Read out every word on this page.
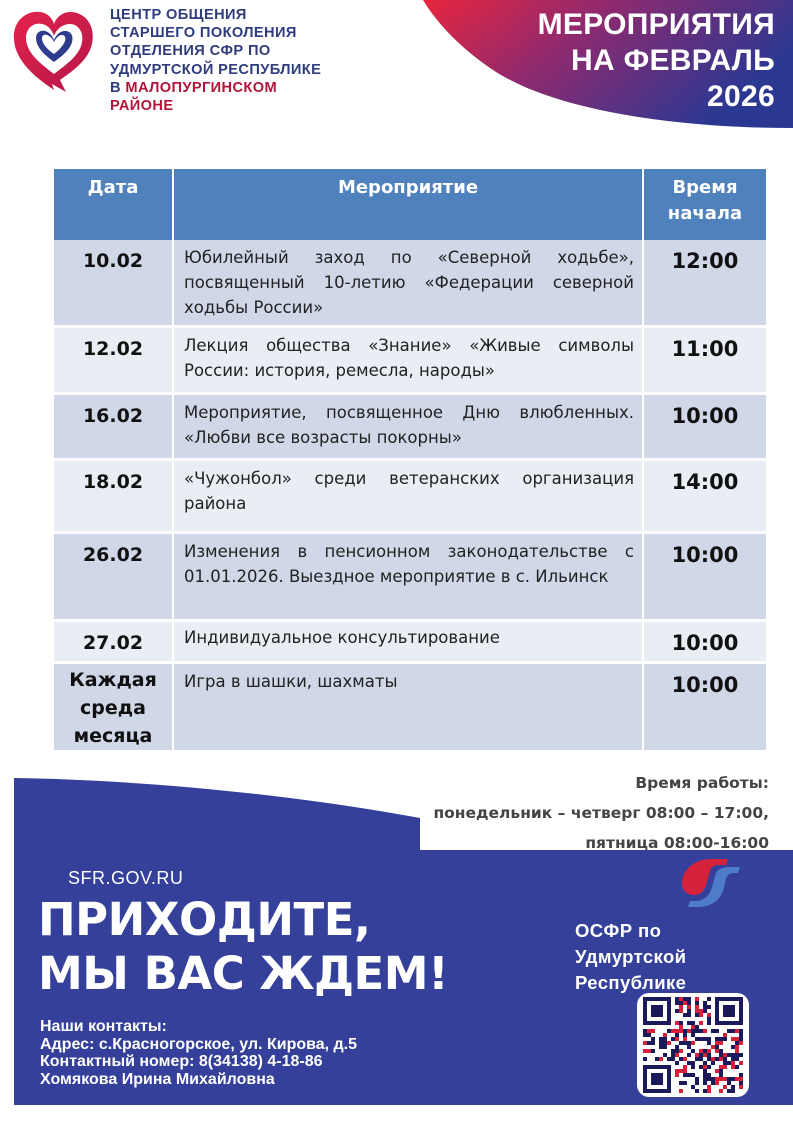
ЦЕНТР ОБЩЕНИЯ
СТАРШЕГО ПОКОЛЕНИЯ
ОТДЕЛЕНИЯ СФР ПО
УДМУРТСКОЙ РЕСПУБЛИКЕ
В МАЛОПУРГИНСКОМ
РАЙОНЕ
МЕРОПРИЯТИЯ
НА ФЕВРАЛЬ
2026
Дата	Мероприятие	Время начала
10.02	Юбилейный заход по «Северной ходьбе», посвященный 10-летию «Федерации северной ходьбы России»	12:00
12.02	Лекция общества «Знание» «Живые символы России: история, ремесла, народы»	11:00
16.02	Мероприятие, посвященное Дню влюбленных. «Любви все возрасты покорны»	10:00
18.02	«Чужонбол» среди ветеранских организация района	14:00
26.02	Изменения в пенсионном законодательстве с 01.01.2026. Выездное мероприятие в с. Ильинск	10:00
27.02	Индивидуальное консультирование	10:00
Каждая среда месяца	Игра в шашки, шахматы	10:00
Время работы:
понедельник – четверг 08:00 – 17:00,
пятница 08:00-16:00
SFR.GOV.RU
ПРИХОДИТЕ,
МЫ ВАС ЖДЕМ!
Наши контакты:
Адрес: с.Красногорское, ул. Кирова, д.5
Контактный номер: 8(34138) 4-18-86
Хомякова Ирина Михайловна
ОСФР по
Удмуртской
Республике
